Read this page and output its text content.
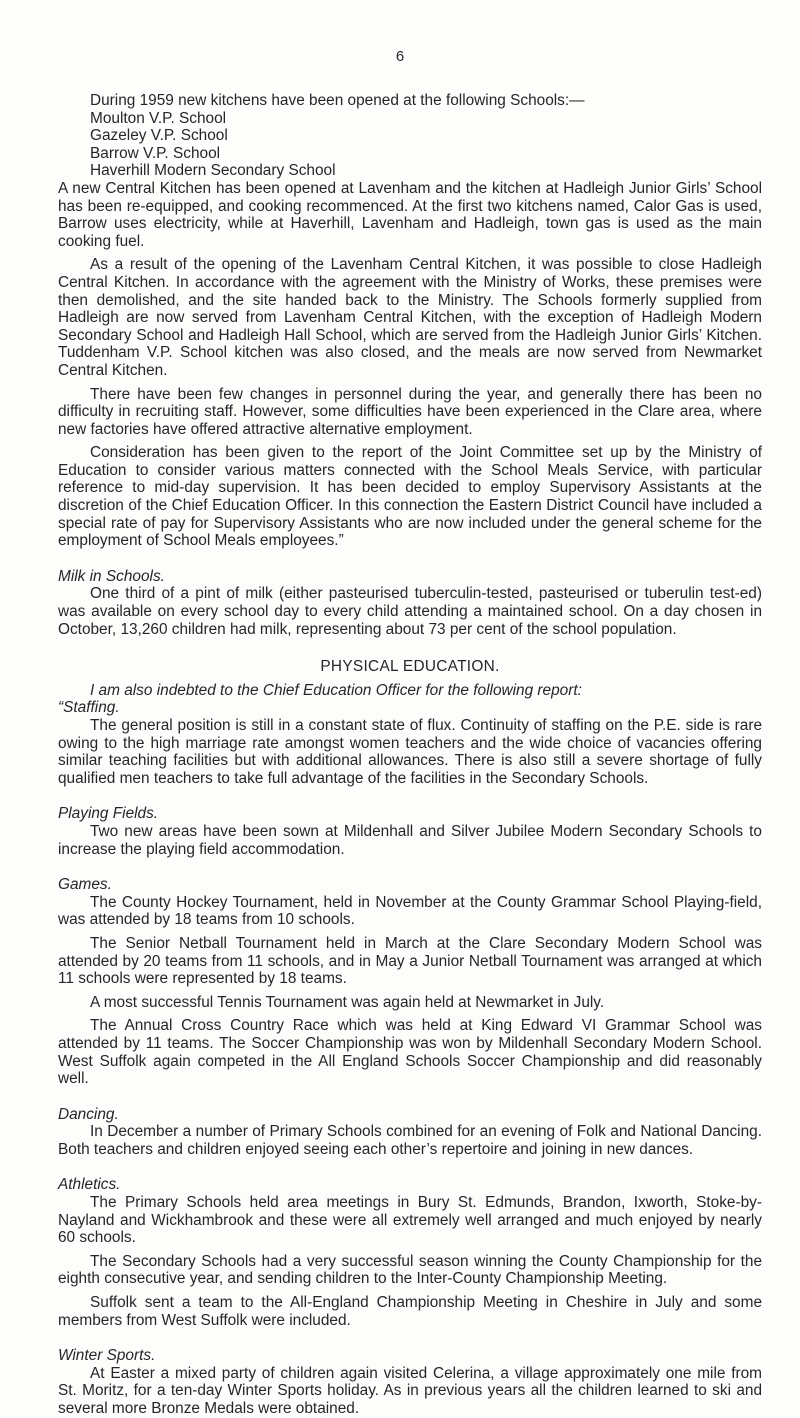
6

During 1959 new kitchens have been opened at the following Schools:—

Moulton V.P. School
Gazeley V.P. School
Barrow V.P. School
Haverhill Modern Secondary School

A new Central Kitchen has been opened at Lavenham and the kitchen at Hadleigh Junior Girls’ School has been re-equipped, and cooking recommenced. At the first two kitchens named, Calor Gas is used, Barrow uses electricity, while at Haverhill, Lavenham and Hadleigh, town gas is used as the main cooking fuel.

As a result of the opening of the Lavenham Central Kitchen, it was possible to close Hadleigh Central Kitchen. In accordance with the agreement with the Ministry of Works, these premises were then demolished, and the site handed back to the Ministry. The Schools formerly supplied from Hadleigh are now served from Lavenham Central Kitchen, with the exception of Hadleigh Modern Secondary School and Hadleigh Hall School, which are served from the Hadleigh Junior Girls’ Kitchen. Tuddenham V.P. School kitchen was also closed, and the meals are now served from Newmarket Central Kitchen.

There have been few changes in personnel during the year, and generally there has been no difficulty in recruiting staff. However, some difficulties have been experienced in the Clare area, where new factories have offered attractive alternative employment.

Consideration has been given to the report of the Joint Committee set up by the Ministry of Education to consider various matters connected with the School Meals Service, with particular reference to mid-day supervision. It has been decided to employ Supervisory Assistants at the discretion of the Chief Education Officer. In this connection the Eastern District Council have included a special rate of pay for Supervisory Assistants who are now included under the general scheme for the employment of School Meals employees.”

Milk in Schools.

One third of a pint of milk (either pasteurised tuberculin-tested, pasteurised or tuberulin test-ed) was available on every school day to every child attending a maintained school. On a day chosen in October, 13,260 children had milk, representing about 73 per cent of the school population.

PHYSICAL EDUCATION.

I am also indebted to the Chief Education Officer for the following report:

“Staffing.

The general position is still in a constant state of flux. Continuity of staffing on the P.E. side is rare owing to the high marriage rate amongst women teachers and the wide choice of vacancies offering similar teaching facilities but with additional allowances. There is also still a severe shortage of fully qualified men teachers to take full advantage of the facilities in the Secondary Schools.

Playing Fields.

Two new areas have been sown at Mildenhall and Silver Jubilee Modern Secondary Schools to increase the playing field accommodation.

Games.

The County Hockey Tournament, held in November at the County Grammar School Playing-field, was attended by 18 teams from 10 schools.

The Senior Netball Tournament held in March at the Clare Secondary Modern School was attended by 20 teams from 11 schools, and in May a Junior Netball Tournament was arranged at which 11 schools were represented by 18 teams.

A most successful Tennis Tournament was again held at Newmarket in July.

The Annual Cross Country Race which was held at King Edward VI Grammar School was attended by 11 teams. The Soccer Championship was won by Mildenhall Secondary Modern School. West Suffolk again competed in the All England Schools Soccer Championship and did reasonably well.

Dancing.

In December a number of Primary Schools combined for an evening of Folk and National Dancing. Both teachers and children enjoyed seeing each other’s repertoire and joining in new dances.

Athletics.

The Primary Schools held area meetings in Bury St. Edmunds, Brandon, Ixworth, Stoke-by-Nayland and Wickhambrook and these were all extremely well arranged and much enjoyed by nearly 60 schools.

The Secondary Schools had a very successful season winning the County Championship for the eighth consecutive year, and sending children to the Inter-County Championship Meeting.

Suffolk sent a team to the All-England Championship Meeting in Cheshire in July and some members from West Suffolk were included.

Winter Sports.

At Easter a mixed party of children again visited Celerina, a village approximately one mile from St. Moritz, for a ten-day Winter Sports holiday. As in previous years all the children learned to ski and several more Bronze Medals were obtained.
